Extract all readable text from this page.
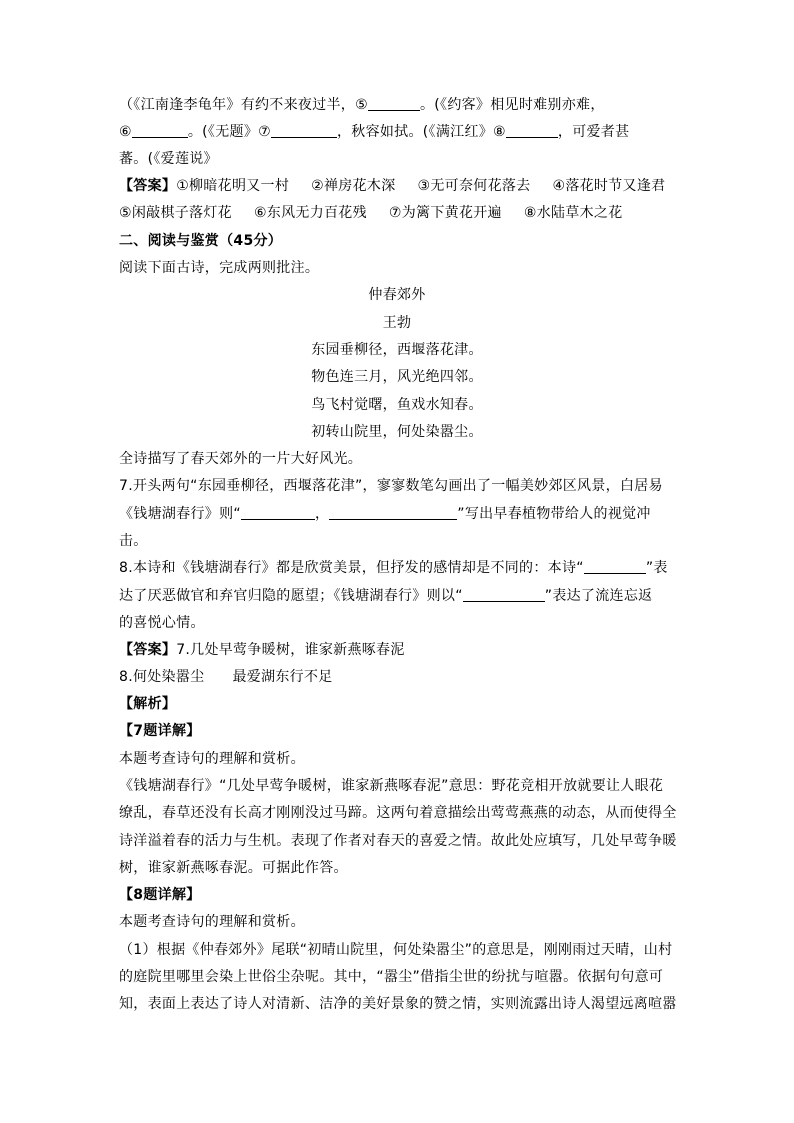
（《江南逢李龟年》有约不来夜过半，⑤	。(《约客》相见时难别亦难，
⑥	。(《无题》⑦	，秋容如拭。(《满江红》⑧	，可爱者甚
蕃。(《爱莲说》
【答案】①柳暗花明又一村 ②禅房花木深 ③无可奈何花落去 ④落花时节又逢君
⑤闲敲棋子落灯花 ⑥东风无力百花残 ⑦为篱下黄花开遍 ⑧水陆草木之花
二、阅读与鉴赏（45分）
阅读下面古诗，完成两则批注。
仲春郊外
王勃
东园垂柳径，西堰落花津。
物色连三月，风光绝四邻。
鸟飞村觉曙，鱼戏水知春。
初转山院里，何处染嚣尘。
全诗描写了春天郊外的一片大好风光。
7.开头两句“东园垂柳径，西堰落花津”，寥寥数笔勾画出了一幅美妙郊区风景，白居易
《钱塘湖春行》则“	，	”写出早春植物带给人的视觉冲
击。
8.本诗和《钱塘湖春行》都是欣赏美景，但抒发的感情却是不同的：本诗“	”表
达了厌恶做官和弃官归隐的愿望；《钱塘湖春行》则以“	”表达了流连忘返
的喜悦心情。
【答案】7.几处早莺争暖树，谁家新燕啄春泥
8.何处染嚣尘 最爱湖东行不足
【解析】
【7题详解】
本题考查诗句的理解和赏析。
《钱塘湖春行》“几处早莺争暖树，谁家新燕啄春泥”意思：野花竞相开放就要让人眼花
缭乱，春草还没有长高才刚刚没过马蹄。这两句着意描绘出莺莺燕燕的动态，从而使得全
诗洋溢着春的活力与生机。表现了作者对春天的喜爱之情。故此处应填写，几处早莺争暖
树，谁家新燕啄春泥。可据此作答。
【8题详解】
本题考查诗句的理解和赏析。
（1）根据《仲春郊外》尾联“初晴山院里，何处染嚣尘”的意思是，刚刚雨过天晴，山村
的庭院里哪里会染上世俗尘杂呢。其中，“嚣尘”借指尘世的纷扰与喧嚣。依据句句意可
知，表面上表达了诗人对清新、洁净的美好景象的赞之情，实则流露出诗人渴望远离喧嚣
